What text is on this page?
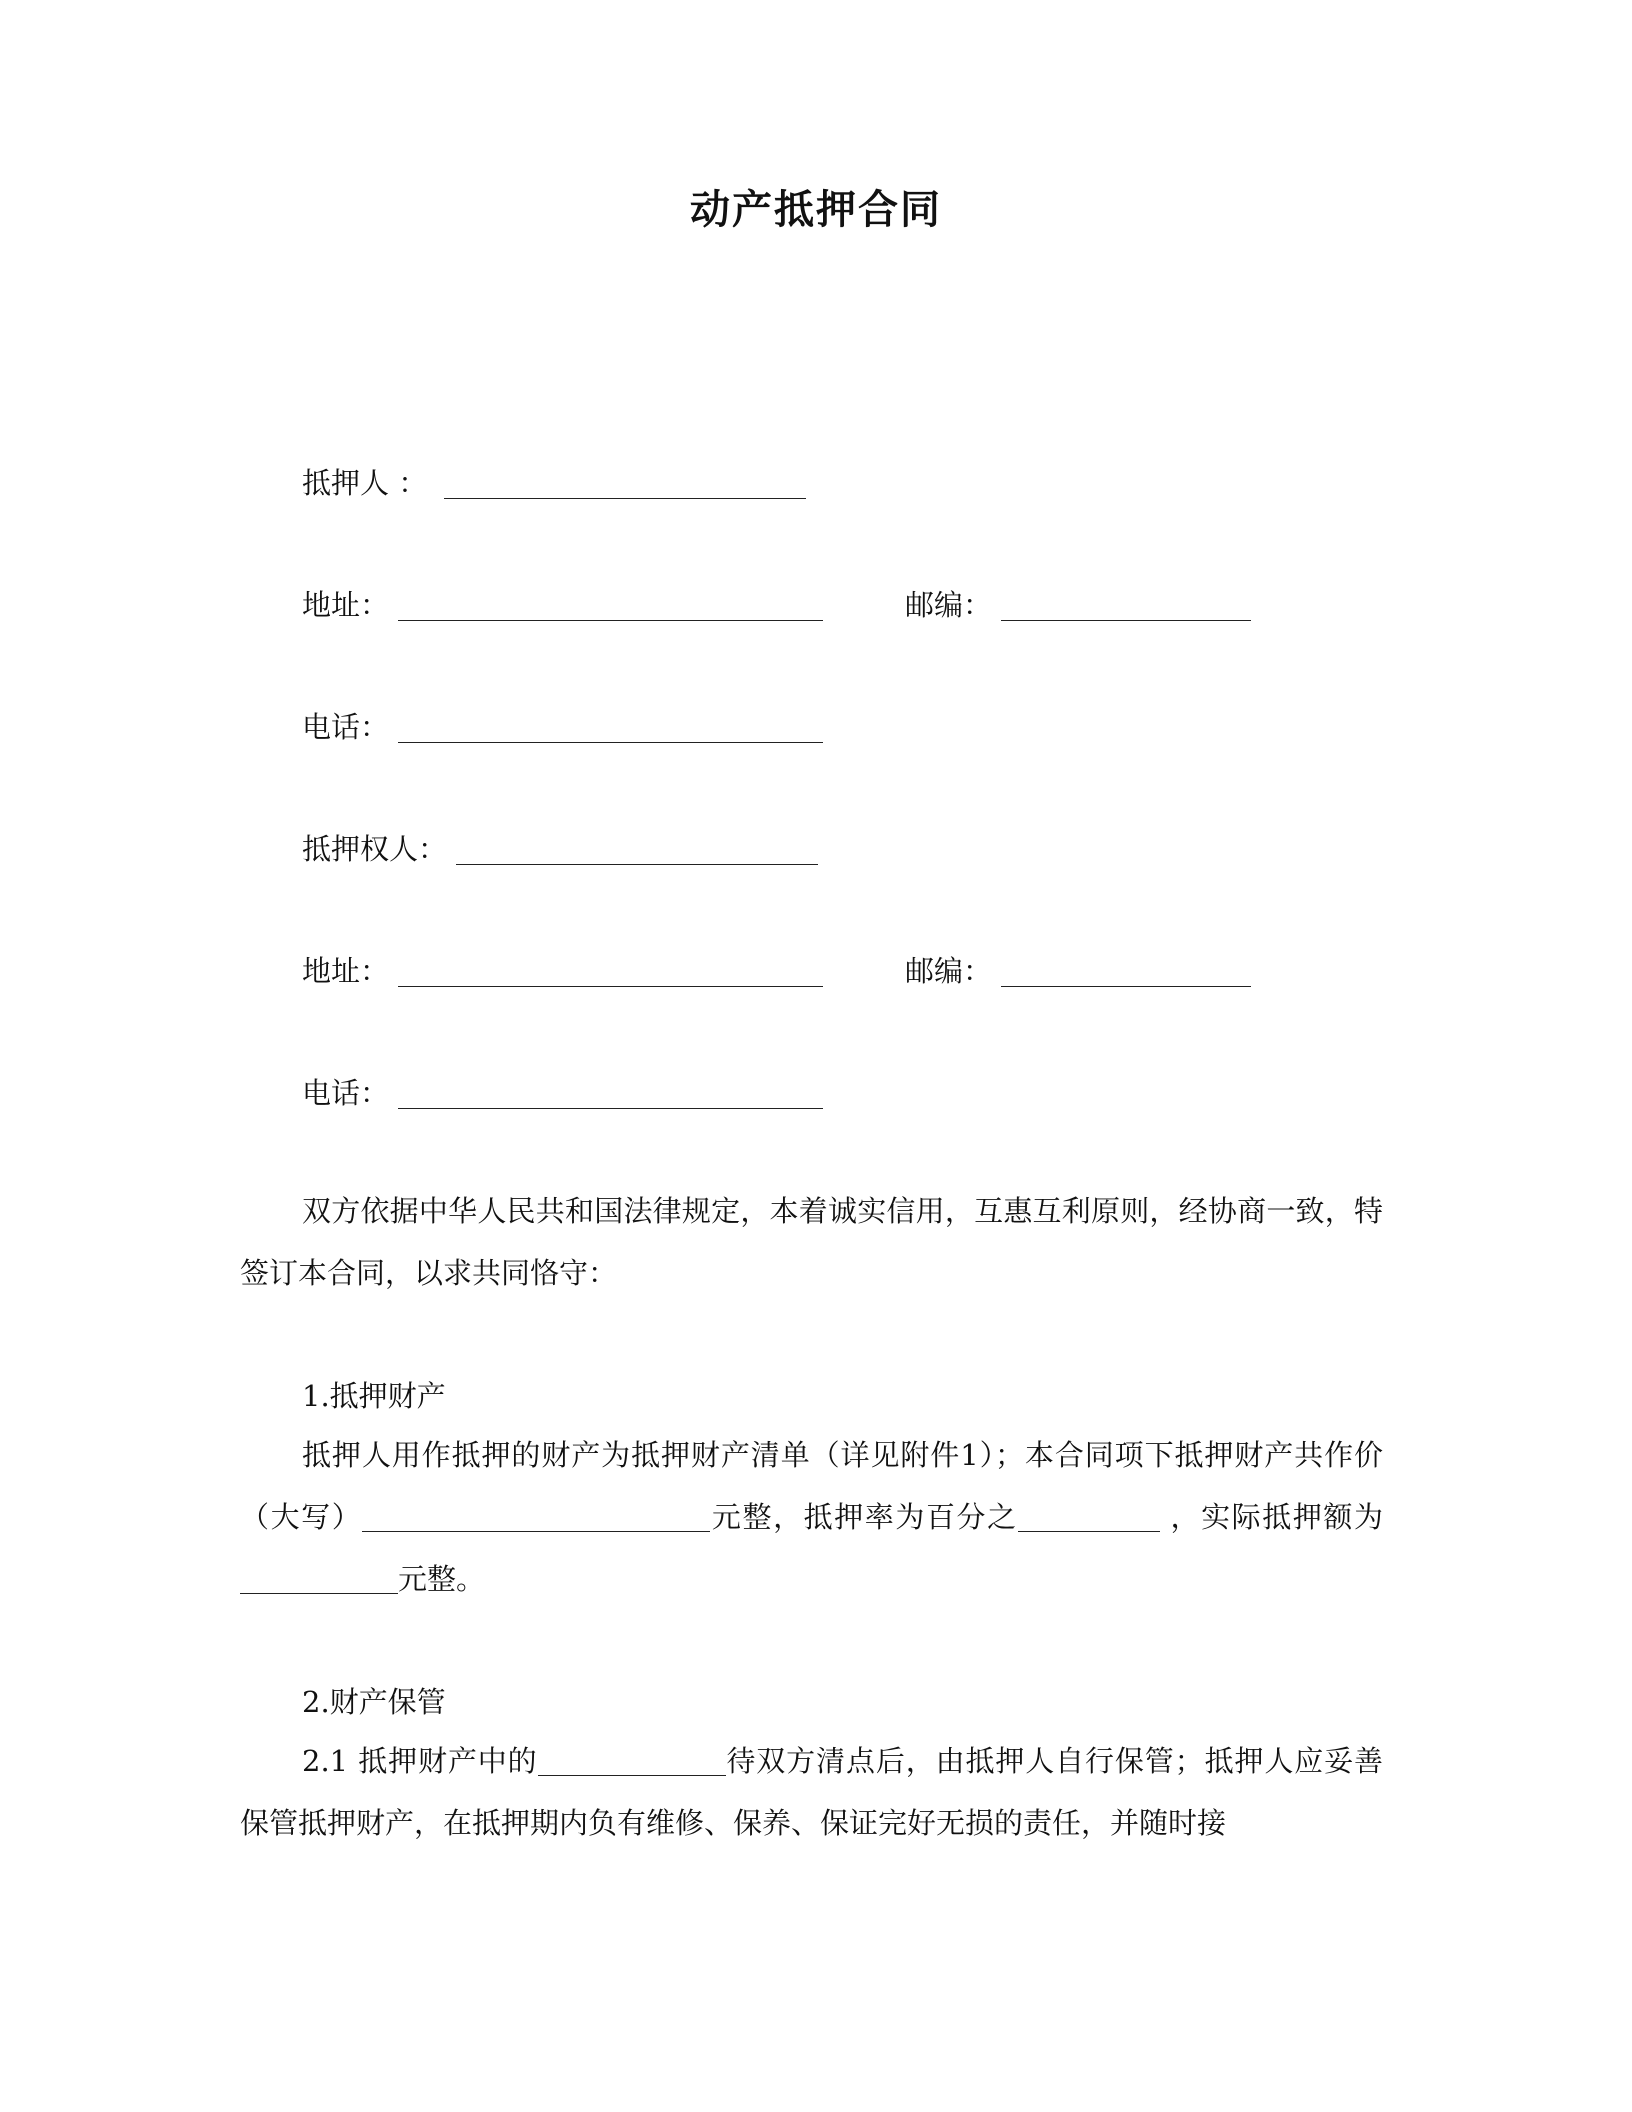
动产抵押合同
抵押人 ：
地址：	邮编：
电话：
抵押权人：
地址：	邮编：
电话：
双方依据中华人民共和国法律规定，本着诚实信用，互惠互利原则，经协商一致，特签订本合同，以求共同恪守：
1.抵押财产
抵押人用作抵押的财产为抵押财产清单（详见附件1）；本合同项下抵押财产共作价（大写）	元整，抵押率为百分之	，实际抵押额为元整。
2.财产保管
2.1 抵押财产中的	待双方清点后，由抵押人自行保管；抵押人应妥善保管抵押财产，在抵押期内负有维修、保养、保证完好无损的责任，并随时接
